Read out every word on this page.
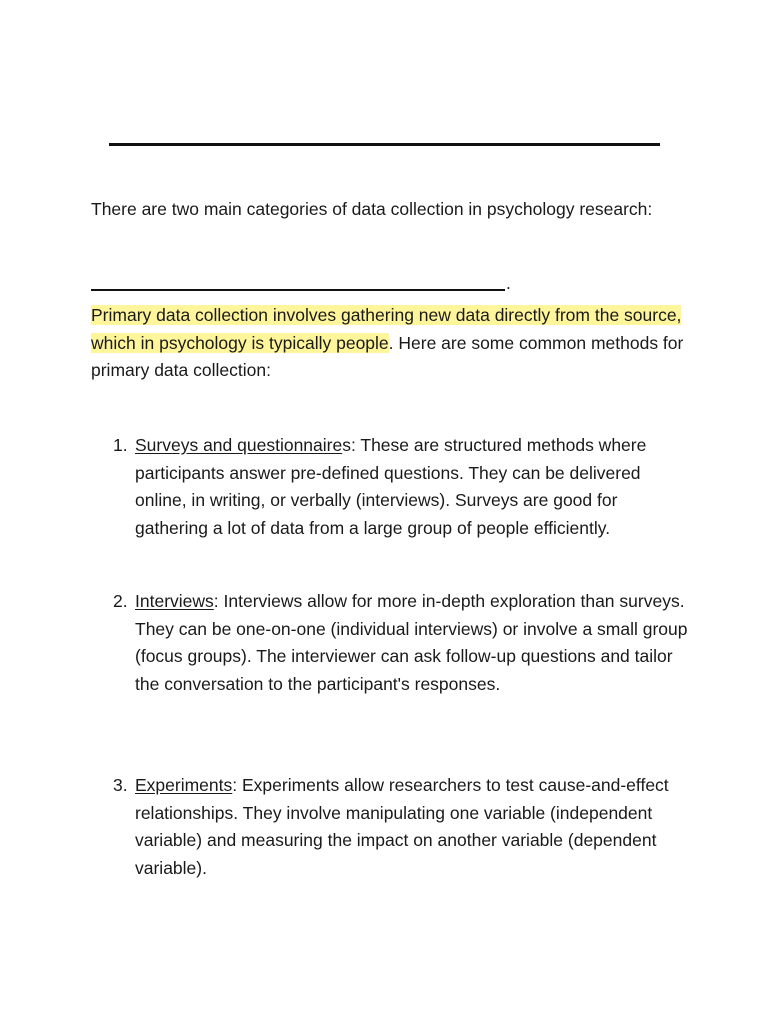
There are two main categories of data collection in psychology research:

.

Primary data collection involves gathering new data directly from the source, which in psychology is typically people. Here are some common methods for primary data collection:

1. Surveys and questionnaires: These are structured methods where participants answer pre-defined questions. They can be delivered online, in writing, or verbally (interviews). Surveys are good for gathering a lot of data from a large group of people efficiently.

2. Interviews: Interviews allow for more in-depth exploration than surveys. They can be one-on-one (individual interviews) or involve a small group (focus groups). The interviewer can ask follow-up questions and tailor the conversation to the participant's responses.

3. Experiments: Experiments allow researchers to test cause-and-effect relationships. They involve manipulating one variable (independent variable) and measuring the impact on another variable (dependent variable).
